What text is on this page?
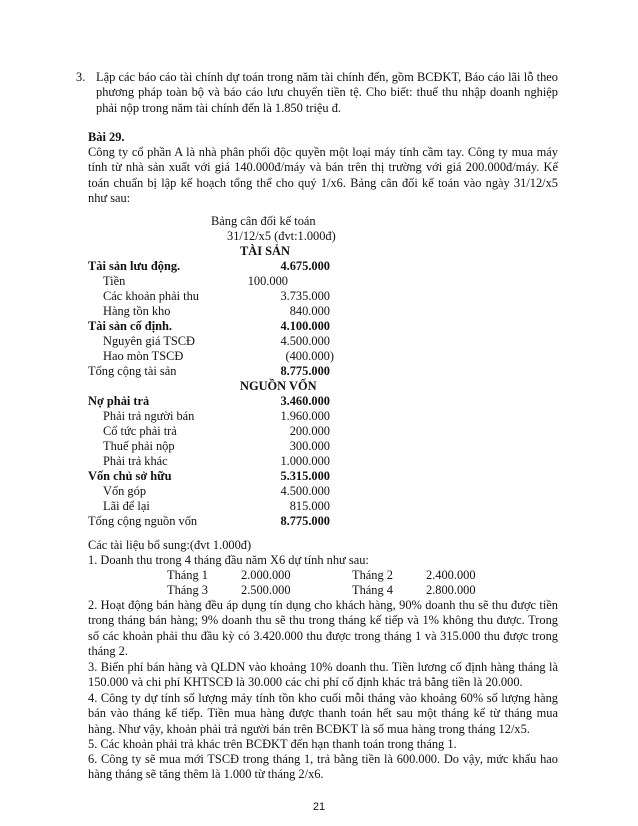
3. Lập các báo cáo tài chính dự toán trong năm tài chính đến, gồm BCĐKT, Báo cáo lãi lỗ theo phương pháp toàn bộ và báo cáo lưu chuyển tiền tệ. Cho biết: thuế thu nhập doanh nghiệp phải nộp trong năm tài chính đến là 1.850 triệu đ.
Bài 29.
Công ty cổ phần A là nhà phân phối độc quyền một loại máy tính cầm tay. Công ty mua máy tính từ nhà sản xuất với giá 140.000đ/máy và bán trên thị trường với giá 200.000đ/máy. Kế toán chuẩn bị lập kế hoạch tổng thể cho quý 1/x6. Bảng cân đối kế toán vào ngày 31/12/x5 như sau:
Bảng cân đối kế toán
31/12/x5 (đvt:1.000đ)
TÀI SẢN
Tài sản lưu động.	4.675.000
Tiền	100.000
Các khoản phải thu	3.735.000
Hàng tồn kho	840.000
Tài sản cố định.	4.100.000
Nguyên giá TSCĐ	4.500.000
Hao mòn TSCĐ	(400.000)
Tổng cộng tài sản	8.775.000
NGUỒN VỐN
Nợ phải trả	3.460.000
Phải trả người bán	1.960.000
Cổ tức phải trả	200.000
Thuế phải nộp	300.000
Phải trả khác	1.000.000
Vốn chủ sở hữu	5.315.000
Vốn góp	4.500.000
Lãi để lại	815.000
Tổng cộng nguồn vốn	8.775.000
Các tài liệu bổ sung:(đvt 1.000đ)
1. Doanh thu trong 4 tháng đầu năm X6 dự tính như sau:
Tháng 1	2.000.000	Tháng 2	2.400.000
Tháng 3	2.500.000	Tháng 4	2.800.000
2. Hoạt động bán hàng đều áp dụng tín dụng cho khách hàng, 90% doanh thu sẽ thu được tiền trong tháng bán hàng; 9% doanh thu sẽ thu trong tháng kế tiếp và 1% không thu được. Trong số các khoản phải thu đầu kỳ có 3.420.000 thu được trong tháng 1 và 315.000 thu được trong tháng 2.
3. Biến phí bán hàng và QLDN vào khoảng 10% doanh thu. Tiền lương cố định hàng tháng là 150.000 và chi phí KHTSCĐ là 30.000 các chi phí cố định khác trả bằng tiền là 20.000.
4. Công ty dự tính số lượng máy tính tồn kho cuối mỗi tháng vào khoảng 60% số lượng hàng bán vào tháng kế tiếp. Tiền mua hàng được thanh toán hết sau một tháng kể từ tháng mua hàng. Như vậy, khoản phải trả người bán trên BCĐKT là số mua hàng trong tháng 12/x5.
5. Các khoản phải trả khác trên BCĐKT đến hạn thanh toán trong tháng 1.
6. Công ty sẽ mua mới TSCĐ trong tháng 1, trả bằng tiền là 600.000. Do vậy, mức khấu hao hàng tháng sẽ tăng thêm là 1.000 từ tháng 2/x6.
21
